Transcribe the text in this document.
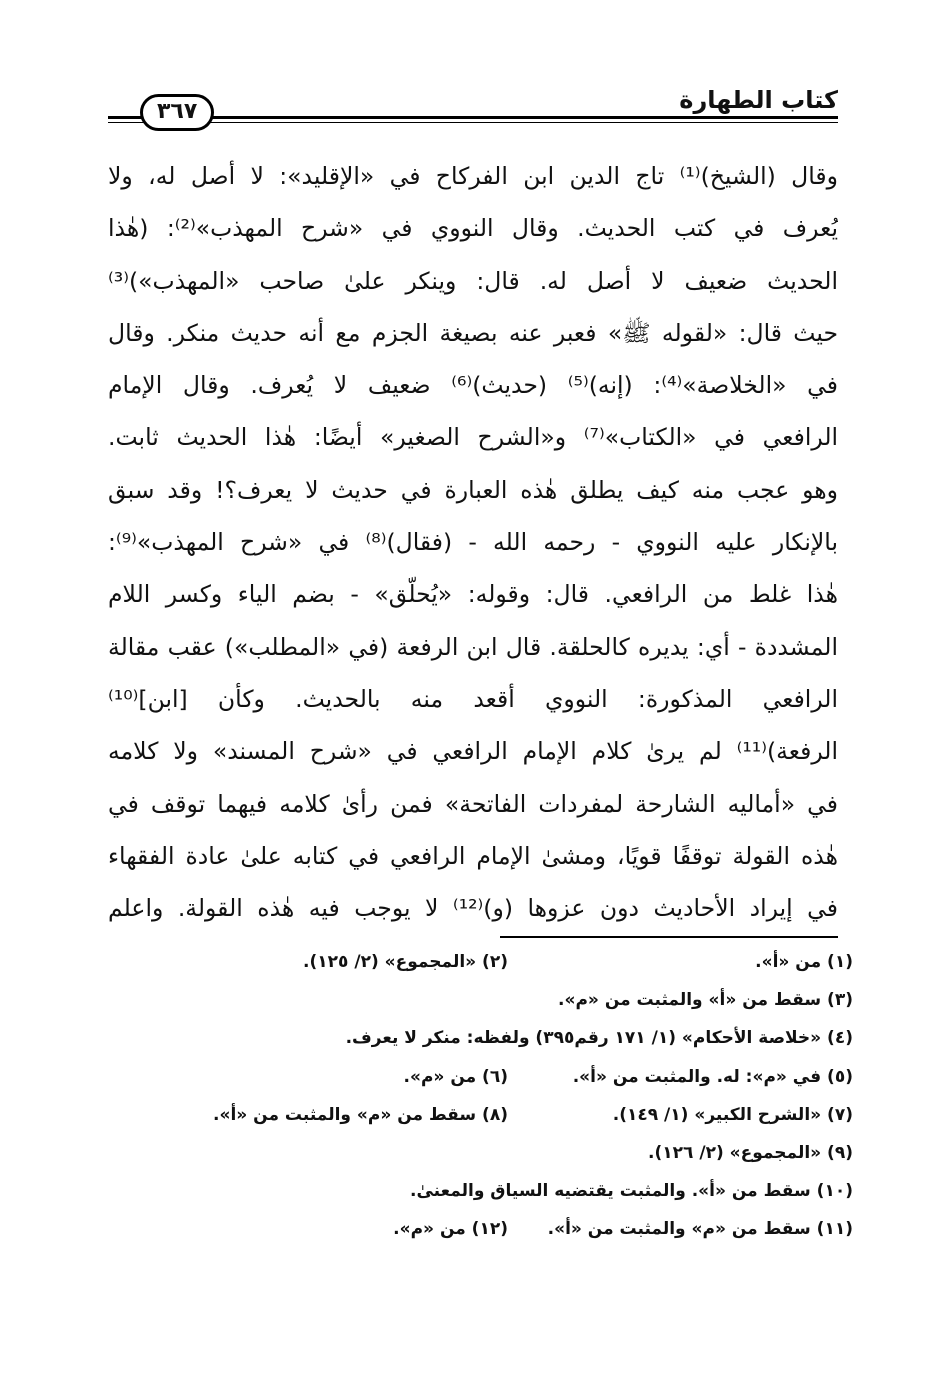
كتاب الطهارة
٣٦٧
وقال (الشيخ)⁽¹⁾ تاج الدين ابن الفركاح في «الإقليد»: لا أصل له، ولا
يُعرف في كتب الحديث. وقال النووي في «شرح المهذب»⁽²⁾: (هٰذا
الحديث ضعيف لا أصل له. قال: وينكر علىٰ صاحب «المهذب»)⁽³⁾
حيث قال: «لقوله ﷺ» فعبر عنه بصيغة الجزم مع أنه حديث منكر. وقال
في «الخلاصة»⁽⁴⁾: (إنه)⁽⁵⁾ (حديث)⁽⁶⁾ ضعيف لا يُعرف. وقال الإمام
الرافعي في «الكتاب»⁽⁷⁾ و«الشرح الصغير» أيضًا: هٰذا الحديث ثابت.
وهو عجب منه كيف يطلق هٰذه العبارة في حديث لا يعرف؟! وقد سبق
بالإنكار عليه النووي - رحمه الله - (فقال)⁽⁸⁾ في «شرح المهذب»⁽⁹⁾:
هٰذا غلط من الرافعي. قال: وقوله: «يُحلّق» - بضم الياء وكسر اللام
المشددة - أي: يديره كالحلقة. قال ابن الرفعة (في «المطلب») عقب مقالة
الرافعي المذكورة: النووي أقعد منه بالحديث. وكأن [ابن]⁽¹⁰⁾
الرفعة)⁽¹¹⁾ لم يرىٰ كلام الإمام الرافعي في «شرح المسند» ولا كلامه
في «أماليه الشارحة لمفردات الفاتحة» فمن رأىٰ كلامه فيهما توقف في
هٰذه القولة توقفًا قويًا، ومشىٰ الإمام الرافعي في كتابه علىٰ عادة الفقهاء
في إيراد الأحاديث دون عزوها (و)⁽¹²⁾ لا يوجب فيه هٰذه القولة. واعلم
(١) من «أ».
(٢) «المجموع» (٢/ ١٢٥).
(٣) سقط من «أ» والمثبت من «م».
(٤) «خلاصة الأحكام» (١/ ١٧١ رقم٣٩٥) ولفظه: منكر لا يعرف.
(٥) في «م»: له. والمثبت من «أ».
(٦) من «م».
(٧) «الشرح الكبير» (١/ ١٤٩).
(٨) سقط من «م» والمثبت من «أ».
(٩) «المجموع» (٢/ ١٢٦).
(١٠) سقط من «أ». والمثبت يقتضيه السياق والمعنىٰ.
(١١) سقط من «م» والمثبت من «أ».
(١٢) من «م».
